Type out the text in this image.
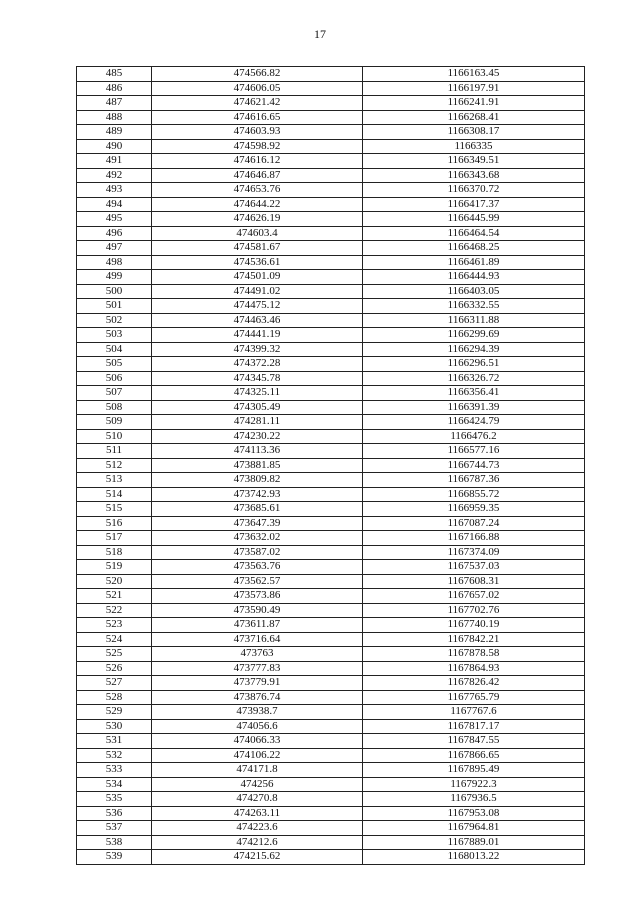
17
485	474566.82	1166163.45
486	474606.05	1166197.91
487	474621.42	1166241.91
488	474616.65	1166268.41
489	474603.93	1166308.17
490	474598.92	1166335
491	474616.12	1166349.51
492	474646.87	1166343.68
493	474653.76	1166370.72
494	474644.22	1166417.37
495	474626.19	1166445.99
496	474603.4	1166464.54
497	474581.67	1166468.25
498	474536.61	1166461.89
499	474501.09	1166444.93
500	474491.02	1166403.05
501	474475.12	1166332.55
502	474463.46	1166311.88
503	474441.19	1166299.69
504	474399.32	1166294.39
505	474372.28	1166296.51
506	474345.78	1166326.72
507	474325.11	1166356.41
508	474305.49	1166391.39
509	474281.11	1166424.79
510	474230.22	1166476.2
511	474113.36	1166577.16
512	473881.85	1166744.73
513	473809.82	1166787.36
514	473742.93	1166855.72
515	473685.61	1166959.35
516	473647.39	1167087.24
517	473632.02	1167166.88
518	473587.02	1167374.09
519	473563.76	1167537.03
520	473562.57	1167608.31
521	473573.86	1167657.02
522	473590.49	1167702.76
523	473611.87	1167740.19
524	473716.64	1167842.21
525	473763	1167878.58
526	473777.83	1167864.93
527	473779.91	1167826.42
528	473876.74	1167765.79
529	473938.7	1167767.6
530	474056.6	1167817.17
531	474066.33	1167847.55
532	474106.22	1167866.65
533	474171.8	1167895.49
534	474256	1167922.3
535	474270.8	1167936.5
536	474263.11	1167953.08
537	474223.6	1167964.81
538	474212.6	1167889.01
539	474215.62	1168013.22
